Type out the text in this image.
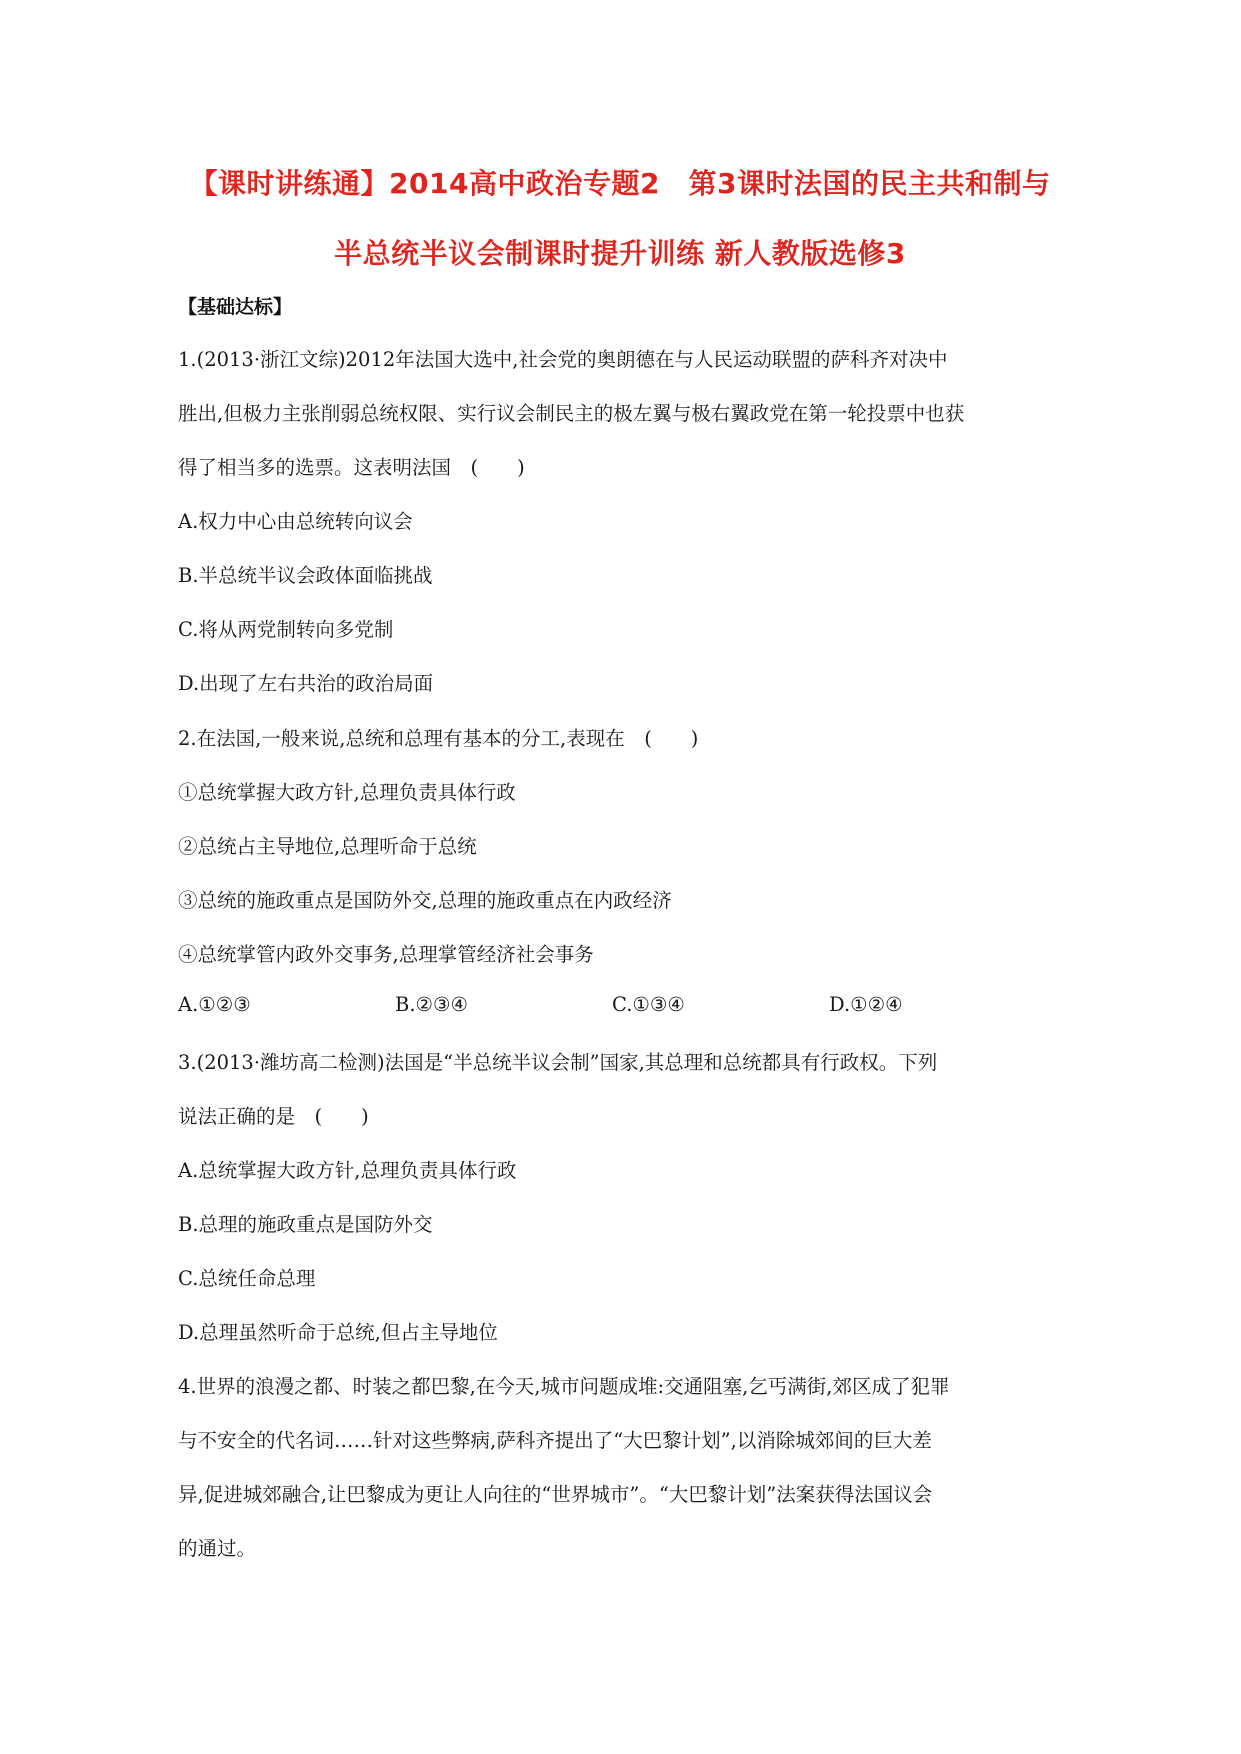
【课时讲练通】2014高中政治专题2　第3课时法国的民主共和制与
半总统半议会制课时提升训练 新人教版选修3
【基础达标】
1.(2013·浙江文综)2012年法国大选中,社会党的奥朗德在与人民运动联盟的萨科齐对决中
胜出,但极力主张削弱总统权限、实行议会制民主的极左翼与极右翼政党在第一轮投票中也获
得了相当多的选票。这表明法国　(　　)
A.权力中心由总统转向议会
B.半总统半议会政体面临挑战
C.将从两党制转向多党制
D.出现了左右共治的政治局面
2.在法国,一般来说,总统和总理有基本的分工,表现在　(　　)
①总统掌握大政方针,总理负责具体行政
②总统占主导地位,总理听命于总统
③总统的施政重点是国防外交,总理的施政重点在内政经济
④总统掌管内政外交事务,总理掌管经济社会事务
A.①②③	B.②③④	C.①③④	D.①②④
3.(2013·潍坊高二检测)法国是“半总统半议会制”国家,其总理和总统都具有行政权。下列
说法正确的是　(　　)
A.总统掌握大政方针,总理负责具体行政
B.总理的施政重点是国防外交
C.总统任命总理
D.总理虽然听命于总统,但占主导地位
4.世界的浪漫之都、时装之都巴黎,在今天,城市问题成堆:交通阻塞,乞丐满街,郊区成了犯罪
与不安全的代名词……针对这些弊病,萨科齐提出了“大巴黎计划”,以消除城郊间的巨大差
异,促进城郊融合,让巴黎成为更让人向往的“世界城市”。“大巴黎计划”法案获得法国议会
的通过。
